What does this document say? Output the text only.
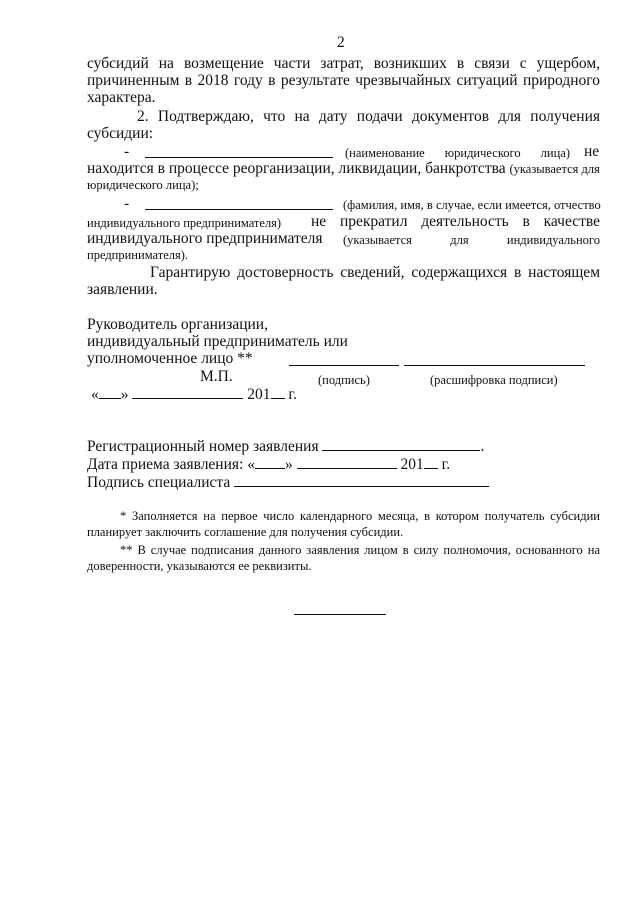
2
субсидий на возмещение части затрат, возникших в связи с ущербом,
причиненным в 2018 году в результате чрезвычайных ситуаций природного
характера.
2. Подтверждаю, что на дату подачи документов для получения
субсидии:
-	(наименование юридического лица) не
находится в процессе реорганизации, ликвидации, банкротства (указывается для
юридического лица);
-	(фамилия, имя, в случае, если имеется, отчество
индивидуального предпринимателя) не прекратил деятельность в качестве
индивидуального предпринимателя (указывается для индивидуального
предпринимателя).
Гарантирую достоверность сведений, содержащихся в настоящем
заявлении.
Руководитель организации,
индивидуальный предприниматель или
уполномоченное лицо **
М.П.	(подпись)	(расшифровка подписи)
« »	201 г.
Регистрационный номер заявления	.
Дата приема заявления: « »	201 г.
Подпись специалиста
* Заполняется на первое число календарного месяца, в котором получатель субсидии
планирует заключить соглашение для получения субсидии.
** В случае подписания данного заявления лицом в силу полномочия, основанного на
доверенности, указываются ее реквизиты.
